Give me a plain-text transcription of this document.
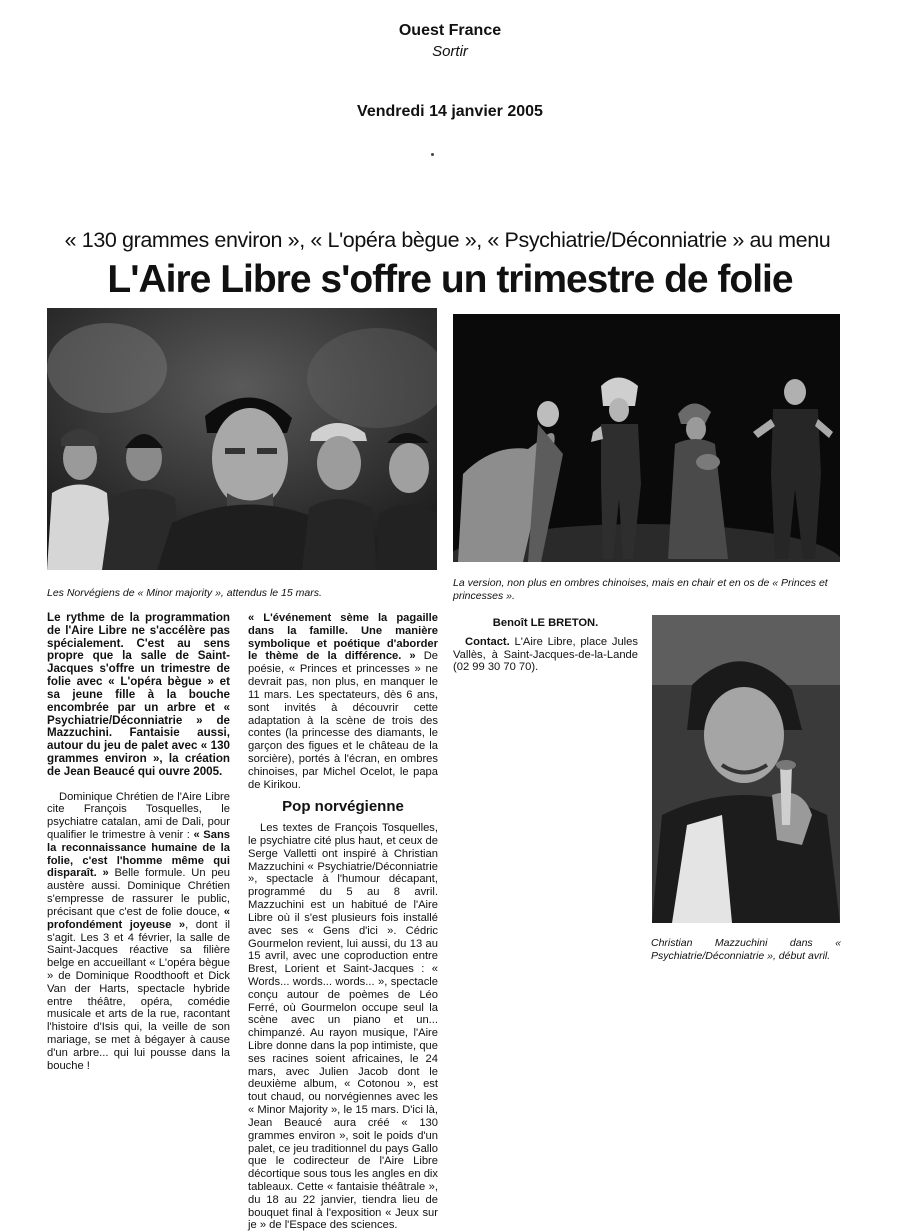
Ouest France
Sortir
Vendredi 14 janvier 2005
« 130 grammes environ », « L'opéra bègue », « Psychiatrie/Déconniatrie » au menu
L'Aire Libre s'offre un trimestre de folie
Les Norvégiens de « Minor majority », attendus le 15 mars.
La version, non plus en ombres chinoises, mais en chair et en os de « Princes et princesses ».

Le rythme de la programmation de l'Aire Libre ne s'accélère pas spécialement. C'est au sens propre que la salle de Saint-Jacques s'offre un trimestre de folie avec « L'opéra bègue » et sa jeune fille à la bouche encombrée par un arbre et « Psychiatrie/Déconniatrie » de Mazzuchini. Fantaisie aussi, autour du jeu de palet avec « 130 grammes environ », la création de Jean Beaucé qui ouvre 2005.

Dominique Chrétien de l'Aire Libre cite François Tosquelles, le psychiatre catalan, ami de Dali, pour qualifier le trimestre à venir : « Sans la reconnaissance humaine de la folie, c'est l'homme même qui disparaît. » Belle formule. Un peu austère aussi. Dominique Chrétien s'empresse de rassurer le public, précisant que c'est de folie douce, « profondément joyeuse », dont il s'agit. Les 3 et 4 février, la salle de Saint-Jacques réactive sa filière belge en accueillant « L'opéra bègue » de Dominique Roodthooft et Dick Van der Harts, spectacle hybride entre théâtre, opéra, comédie musicale et arts de la rue, racontant l'histoire d'Isis qui, la veille de son mariage, se met à bégayer à cause d'un arbre... qui lui pousse dans la bouche !

« L'événement sème la pagaille dans la famille. Une manière symbolique et poétique d'aborder le thème de la différence. » De poésie, « Princes et princesses » ne devrait pas, non plus, en manquer le 11 mars. Les spectateurs, dès 6 ans, sont invités à découvrir cette adaptation à la scène de trois des contes (la princesse des diamants, le garçon des figues et le château de la sorcière), portés à l'écran, en ombres chinoises, par Michel Ocelot, le papa de Kirikou.

Pop norvégienne

Les textes de François Tosquelles, le psychiatre cité plus haut, et ceux de Serge Valletti ont inspiré à Christian Mazzuchini « Psychiatrie/Déconniatrie », spectacle à l'humour décapant, programmé du 5 au 8 avril. Mazzuchini est un habitué de l'Aire Libre où il s'est plusieurs fois installé avec ses « Gens d'ici ». Cédric Gourmelon revient, lui aussi, du 13 au 15 avril, avec une coproduction entre Brest, Lorient et Saint-Jacques : « Words... words... words... », spectacle conçu autour de poèmes de Léo Ferré, où Gourmelon occupe seul la scène avec un piano et un... chimpanzé. Au rayon musique, l'Aire Libre donne dans la pop intimiste, que ses racines soient africaines, le 24 mars, avec Julien Jacob dont le deuxième album, « Cotonou », est tout chaud, ou norvégiennes avec les « Minor Majority », le 15 mars. D'ici là, Jean Beaucé aura créé « 130 grammes environ », soit le poids d'un palet, ce jeu traditionnel du pays Gallo que le codirecteur de l'Aire Libre décortique sous tous les angles en dix tableaux. Cette « fantaisie théâtrale », du 18 au 22 janvier, tiendra lieu de bouquet final à l'exposition « Jeux sur je » de l'Espace des sciences.

Benoît LE BRETON.

Contact. L'Aire Libre, place Jules Vallès, à Saint-Jacques-de-la-Lande (02 99 30 70 70).

Christian Mazzuchini dans « Psychiatrie/Déconniatrie », début avril.
